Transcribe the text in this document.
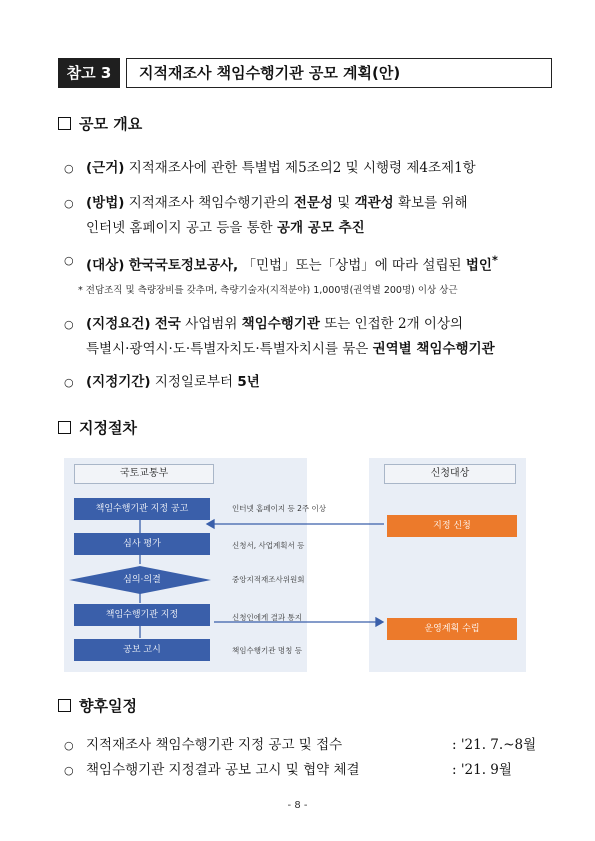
참고 3	지적재조사 책임수행기관 공모 계획(안)
공모 개요
○ (근거) 지적재조사에 관한 특별법 제5조의2 및 시행령 제4조제1항
○ (방법) 지적재조사 책임수행기관의 전문성 및 객관성 확보를 위해
인터넷 홈페이지 공고 등을 통한 공개 공모 추진
○ (대상) 한국국토정보공사, 「민법」또는「상법」에 따라 설립된 법인*
* 전담조직 및 측량장비를 갖추며, 측량기술자(지적분야) 1,000명(권역별 200명) 이상 상근
○ (지정요건) 전국 사업범위 책임수행기관 또는 인접한 2개 이상의
특별시·광역시·도·특별자치도·특별자치시를 묶은 권역별 책임수행기관
○ (지정기간) 지정일로부터 5년
지정절차
국토교통부	신청대상
책임수행기관 지정 공고
심사 평가
심의·의결
책임수행기관 지정
공보 고시
인터넷 홈페이지 등 2주 이상
신청서, 사업계획서 등
중앙지적재조사위원회
신청인에게 결과 통지
책임수행기관 명칭 등
지정 신청
운영계획 수립
향후일정
○ 지적재조사 책임수행기관 지정 공고 및 접수	: '21. 7.~8월
○ 책임수행기관 지정결과 공보 고시 및 협약 체결	: '21. 9월
- 8 -
